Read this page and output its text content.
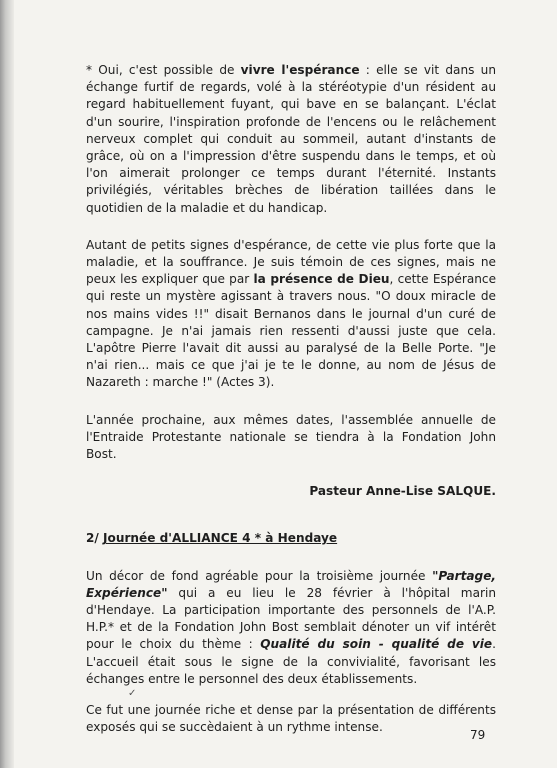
* Oui, c'est possible de vivre l'espérance : elle se vit dans un échange furtif de regards, volé à la stéréotypie d'un résident au regard habituellement fuyant, qui bave en se balançant. L'éclat d'un sourire, l'inspiration profonde de l'encens ou le relâchement nerveux complet qui conduit au sommeil, autant d'instants de grâce, où on a l'impression d'être suspendu dans le temps, et où l'on aimerait prolonger ce temps durant l'éternité. Instants privilégiés, véritables brèches de libération taillées dans le quotidien de la maladie et du handicap.

Autant de petits signes d'espérance, de cette vie plus forte que la maladie, et la souffrance. Je suis témoin de ces signes, mais ne peux les expliquer que par la présence de Dieu, cette Espérance qui reste un mystère agissant à travers nous. "O doux miracle de nos mains vides !!" disait Bernanos dans le journal d'un curé de campagne. Je n'ai jamais rien ressenti d'aussi juste que cela. L'apôtre Pierre l'avait dit aussi au paralysé de la Belle Porte. "Je n'ai rien... mais ce que j'ai je te le donne, au nom de Jésus de Nazareth : marche !" (Actes 3).

L'année prochaine, aux mêmes dates, l'assemblée annuelle de l'Entraide Protestante nationale se tiendra à la Fondation John Bost.

Pasteur Anne-Lise SALQUE.

2/ Journée d'ALLIANCE 4 * à Hendaye

Un décor de fond agréable pour la troisième journée "Partage, Expérience" qui a eu lieu le 28 février à l'hôpital marin d'Hendaye. La participation importante des personnels de l'A.P. H.P.* et de la Fondation John Bost semblait dénoter un vif intérêt pour le choix du thème : Qualité du soin - qualité de vie. L'accueil était sous le signe de la convivialité, favorisant les échanges entre le personnel des deux établissements.

Ce fut une journée riche et dense par la présentation de différents exposés qui se succèdaient à un rythme intense.

✓
79
